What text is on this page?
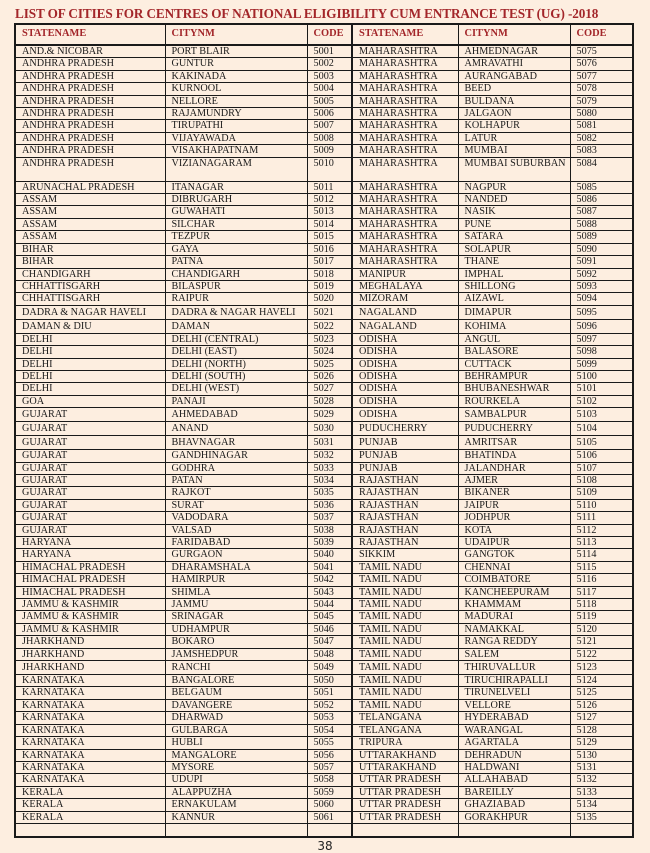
LIST OF CITIES FOR CENTRES OF NATIONAL ELIGIBILITY CUM ENTRANCE TEST (UG) -2018
STATENAME	CITYNM	CODE	STATENAME	CITYNM	CODE
AND.& NICOBAR	PORT BLAIR	5001	MAHARASHTRA	AHMEDNAGAR	5075
ANDHRA PRADESH	GUNTUR	5002	MAHARASHTRA	AMRAVATHI	5076
ANDHRA PRADESH	KAKINADA	5003	MAHARASHTRA	AURANGABAD	5077
ANDHRA PRADESH	KURNOOL	5004	MAHARASHTRA	BEED	5078
ANDHRA PRADESH	NELLORE	5005	MAHARASHTRA	BULDANA	5079
ANDHRA PRADESH	RAJAMUNDRY	5006	MAHARASHTRA	JALGAON	5080
ANDHRA PRADESH	TIRUPATHI	5007	MAHARASHTRA	KOLHAPUR	5081
ANDHRA PRADESH	VIJAYAWADA	5008	MAHARASHTRA	LATUR	5082
ANDHRA PRADESH	VISAKHAPATNAM	5009	MAHARASHTRA	MUMBAI	5083
ANDHRA PRADESH	VIZIANAGARAM	5010	MAHARASHTRA	MUMBAI SUBURBAN	5084
ARUNACHAL PRADESH	ITANAGAR	5011	MAHARASHTRA	NAGPUR	5085
ASSAM	DIBRUGARH	5012	MAHARASHTRA	NANDED	5086
ASSAM	GUWAHATI	5013	MAHARASHTRA	NASIK	5087
ASSAM	SILCHAR	5014	MAHARASHTRA	PUNE	5088
ASSAM	TEZPUR	5015	MAHARASHTRA	SATARA	5089
BIHAR	GAYA	5016	MAHARASHTRA	SOLAPUR	5090
BIHAR	PATNA	5017	MAHARASHTRA	THANE	5091
CHANDIGARH	CHANDIGARH	5018	MANIPUR	IMPHAL	5092
CHHATTISGARH	BILASPUR	5019	MEGHALAYA	SHILLONG	5093
CHHATTISGARH	RAIPUR	5020	MIZORAM	AIZAWL	5094
DADRA & NAGAR HAVELI	DADRA & NAGAR HAVELI	5021	NAGALAND	DIMAPUR	5095
DAMAN & DIU	DAMAN	5022	NAGALAND	KOHIMA	5096
DELHI	DELHI (CENTRAL)	5023	ODISHA	ANGUL	5097
DELHI	DELHI (EAST)	5024	ODISHA	BALASORE	5098
DELHI	DELHI (NORTH)	5025	ODISHA	CUTTACK	5099
DELHI	DELHI (SOUTH)	5026	ODISHA	BEHRAMPUR	5100
DELHI	DELHI (WEST)	5027	ODISHA	BHUBANESHWAR	5101
GOA	PANAJI	5028	ODISHA	ROURKELA	5102
GUJARAT	AHMEDABAD	5029	ODISHA	SAMBALPUR	5103
GUJARAT	ANAND	5030	PUDUCHERRY	PUDUCHERRY	5104
GUJARAT	BHAVNAGAR	5031	PUNJAB	AMRITSAR	5105
GUJARAT	GANDHINAGAR	5032	PUNJAB	BHATINDA	5106
GUJARAT	GODHRA	5033	PUNJAB	JALANDHAR	5107
GUJARAT	PATAN	5034	RAJASTHAN	AJMER	5108
GUJARAT	RAJKOT	5035	RAJASTHAN	BIKANER	5109
GUJARAT	SURAT	5036	RAJASTHAN	JAIPUR	5110
GUJARAT	VADODARA	5037	RAJASTHAN	JODHPUR	5111
GUJARAT	VALSAD	5038	RAJASTHAN	KOTA	5112
HARYANA	FARIDABAD	5039	RAJASTHAN	UDAIPUR	5113
HARYANA	GURGAON	5040	SIKKIM	GANGTOK	5114
HIMACHAL PRADESH	DHARAMSHALA	5041	TAMIL NADU	CHENNAI	5115
HIMACHAL PRADESH	HAMIRPUR	5042	TAMIL NADU	COIMBATORE	5116
HIMACHAL PRADESH	SHIMLA	5043	TAMIL NADU	KANCHEEPURAM	5117
JAMMU & KASHMIR	JAMMU	5044	TAMIL NADU	KHAMMAM	5118
JAMMU & KASHMIR	SRINAGAR	5045	TAMIL NADU	MADURAI	5119
JAMMU & KASHMIR	UDHAMPUR	5046	TAMIL NADU	NAMAKKAL	5120
JHARKHAND	BOKARO	5047	TAMIL NADU	RANGA REDDY	5121
JHARKHAND	JAMSHEDPUR	5048	TAMIL NADU	SALEM	5122
JHARKHAND	RANCHI	5049	TAMIL NADU	THIRUVALLUR	5123
KARNATAKA	BANGALORE	5050	TAMIL NADU	TIRUCHIRAPALLI	5124
KARNATAKA	BELGAUM	5051	TAMIL NADU	TIRUNELVELI	5125
KARNATAKA	DAVANGERE	5052	TAMIL NADU	VELLORE	5126
KARNATAKA	DHARWAD	5053	TELANGANA	HYDERABAD	5127
KARNATAKA	GULBARGA	5054	TELANGANA	WARANGAL	5128
KARNATAKA	HUBLI	5055	TRIPURA	AGARTALA	5129
KARNATAKA	MANGALORE	5056	UTTARAKHAND	DEHRADUN	5130
KARNATAKA	MYSORE	5057	UTTARAKHAND	HALDWANI	5131
KARNATAKA	UDUPI	5058	UTTAR PRADESH	ALLAHABAD	5132
KERALA	ALAPPUZHA	5059	UTTAR PRADESH	BAREILLY	5133
KERALA	ERNAKULAM	5060	UTTAR PRADESH	GHAZIABAD	5134
KERALA	KANNUR	5061	UTTAR PRADESH	GORAKHPUR	5135

38
